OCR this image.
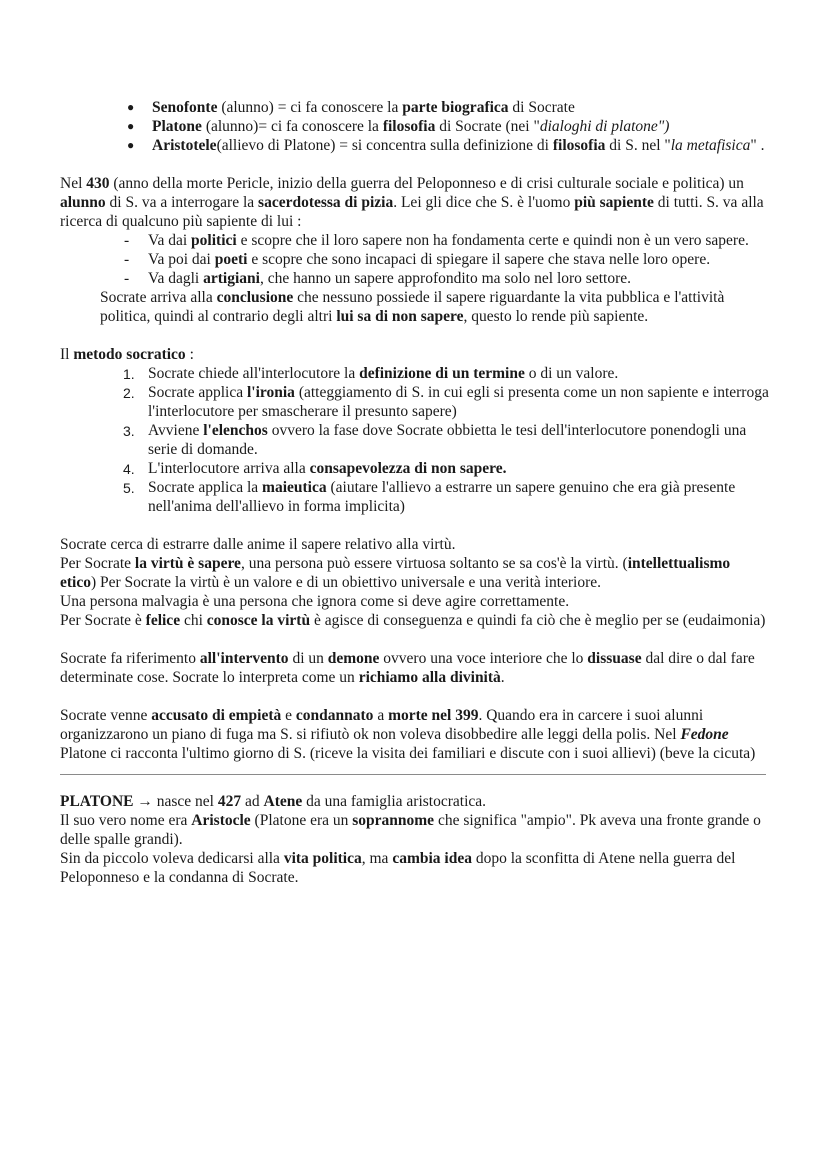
● Senofonte (alunno) = ci fa conoscere la parte biografica di Socrate
● Platone (alunno)= ci fa conoscere la filosofia di Socrate (nei "dialoghi di platone")
● Aristotele(allievo di Platone) = si concentra sulla definizione di filosofia di S. nel "la metafisica" .

Nel 430 (anno della morte Pericle, inizio della guerra del Peloponneso e di crisi culturale sociale e politica) un alunno di S. va a interrogare la sacerdotessa di pizia. Lei gli dice che S. è l'uomo più sapiente di tutti. S. va alla ricerca di qualcuno più sapiente di lui :

- Va dai politici e scopre che il loro sapere non ha fondamenta certe e quindi non è un vero sapere.
- Va poi dai poeti e scopre che sono incapaci di spiegare il sapere che stava nelle loro opere.
- Va dagli artigiani, che hanno un sapere approfondito ma solo nel loro settore.

Socrate arriva alla conclusione che nessuno possiede il sapere riguardante la vita pubblica e l'attività politica, quindi al contrario degli altri lui sa di non sapere, questo lo rende più sapiente.

Il metodo socratico :

1. Socrate chiede all'interlocutore la definizione di un termine o di un valore.
2. Socrate applica l'ironia (atteggiamento di S. in cui egli si presenta come un non sapiente e interroga l'interlocutore per smascherare il presunto sapere)
3. Avviene l'elenchos ovvero la fase dove Socrate obbietta le tesi dell'interlocutore ponendogli una serie di domande.
4. L'interlocutore arriva alla consapevolezza di non sapere.
5. Socrate applica la maieutica (aiutare l'allievo a estrarre un sapere genuino che era già presente nell'anima dell'allievo in forma implicita)

Socrate cerca di estrarre dalle anime il sapere relativo alla virtù.

Per Socrate la virtù è sapere, una persona può essere virtuosa soltanto se sa cos'è la virtù. (intellettualismo etico) Per Socrate la virtù è un valore e di un obiettivo universale e una verità interiore.

Una persona malvagia è una persona che ignora come si deve agire correttamente.

Per Socrate è felice chi conosce la virtù è agisce di conseguenza e quindi fa ciò che è meglio per se (eudaimonia)

Socrate fa riferimento all'intervento di un demone ovvero una voce interiore che lo dissuase dal dire o dal fare determinate cose. Socrate lo interpreta come un richiamo alla divinità.

Socrate venne accusato di empietà e condannato a morte nel 399. Quando era in carcere i suoi alunni organizzarono un piano di fuga ma S. si rifiutò ok non voleva disobbedire alle leggi della polis. Nel Fedone Platone ci racconta l'ultimo giorno di S. (riceve la visita dei familiari e discute con i suoi allievi) (beve la cicuta)

PLATONE → nasce nel 427 ad Atene da una famiglia aristocratica.

Il suo vero nome era Aristocle (Platone era un soprannome che significa "ampio". Pk aveva una fronte grande o delle spalle grandi).

Sin da piccolo voleva dedicarsi alla vita politica, ma cambia idea dopo la sconfitta di Atene nella guerra del Peloponneso e la condanna di Socrate.
